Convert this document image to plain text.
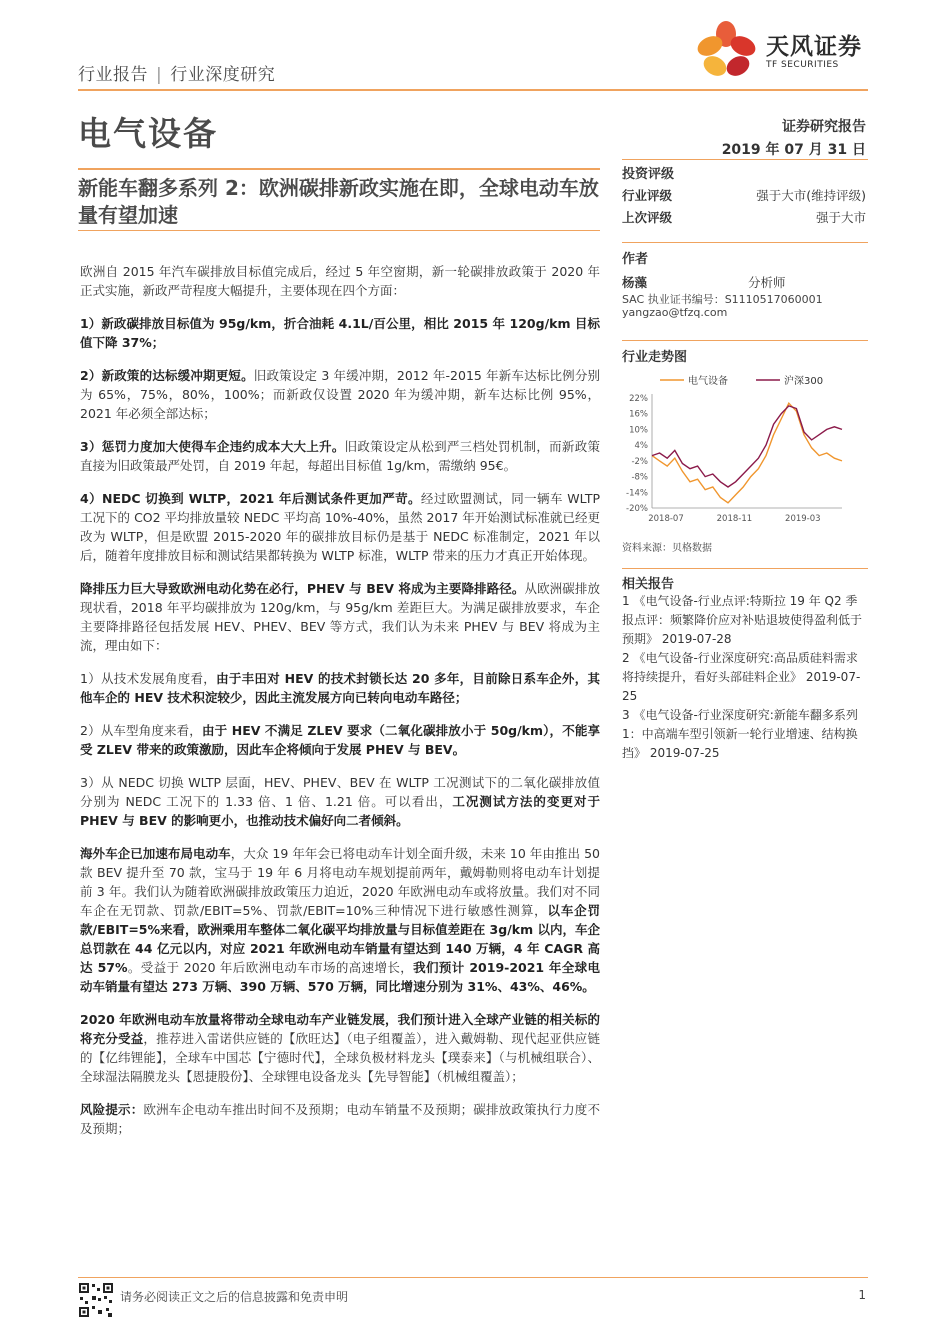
行业报告 | 行业深度研究
天风证券
TF SECURITIES
电气设备	证券研究报告
2019 年 07 月 31 日
新能车翻多系列 2：欧洲碳排新政实施在即，全球电动车放量有望加速
投资评级
行业评级	强于大市(维持评级)
上次评级	强于大市
作者
杨藻	分析师
SAC 执业证书编号：S1110517060001
yangzao@tfzq.com
行业走势图
电气设备	沪深300
22%
16%
10%
4%
-2%
-8%
-14%
-20%
2018-07	2018-11	2019-03
资料来源：贝格数据
相关报告

1 《电气设备-行业点评:特斯拉 19 年 Q2 季报点评：频繁降价应对补贴退坡使得盈利低于预期》 2019-07-28

2 《电气设备-行业深度研究:高品质硅料需求将持续提升，看好头部硅料企业》 2019-07-25

3 《电气设备-行业深度研究:新能车翻多系列 1：中高端车型引领新一轮行业增速、结构换挡》 2019-07-25

欧洲自 2015 年汽车碳排放目标值完成后，经过 5 年空窗期，新一轮碳排放政策于 2020 年正式实施，新政严苛程度大幅提升，主要体现在四个方面：

1）新政碳排放目标值为 95g/km，折合油耗 4.1L/百公里，相比 2015 年 120g/km 目标值下降 37%；

2）新政策的达标缓冲期更短。旧政策设定 3 年缓冲期，2012 年-2015 年新车达标比例分别为 65%，75%，80%，100%；而新政仅设置 2020 年为缓冲期，新车达标比例 95%，2021 年必须全部达标；

3）惩罚力度加大使得车企违约成本大大上升。旧政策设定从松到严三档处罚机制，而新政策直接为旧政策最严处罚，自 2019 年起，每超出目标值 1g/km，需缴纳 95€。

4）NEDC 切换到 WLTP，2021 年后测试条件更加严苛。经过欧盟测试，同一辆车 WLTP 工况下的 CO2 平均排放量较 NEDC 平均高 10%-40%，虽然 2017 年开始测试标准就已经更改为 WLTP，但是欧盟 2015-2020 年的碳排放目标仍是基于 NEDC 标准制定，2021 年以后，随着年度排放目标和测试结果都转换为 WLTP 标准，WLTP 带来的压力才真正开始体现。

降排压力巨大导致欧洲电动化势在必行，PHEV 与 BEV 将成为主要降排路径。从欧洲碳排放现状看，2018 年平均碳排放为 120g/km，与 95g/km 差距巨大。为满足碳排放要求，车企主要降排路径包括发展 HEV、PHEV、BEV 等方式，我们认为未来 PHEV 与 BEV 将成为主流，理由如下：

1）从技术发展角度看，由于丰田对 HEV 的技术封锁长达 20 多年，目前除日系车企外，其他车企的 HEV 技术积淀较少，因此主流发展方向已转向电动车路径；

2）从车型角度来看，由于 HEV 不满足 ZLEV 要求（二氧化碳排放小于 50g/km），不能享受 ZLEV 带来的政策激励，因此车企将倾向于发展 PHEV 与 BEV。

3）从 NEDC 切换 WLTP 层面，HEV、PHEV、BEV 在 WLTP 工况测试下的二氧化碳排放值分别为 NEDC 工况下的 1.33 倍、1 倍、1.21 倍。可以看出，工况测试方法的变更对于 PHEV 与 BEV 的影响更小，也推动技术偏好向二者倾斜。

海外车企已加速布局电动车，大众 19 年年会已将电动车计划全面升级，未来 10 年由推出 50 款 BEV 提升至 70 款，宝马于 19 年 6 月将电动车规划提前两年，戴姆勒则将电动车计划提前 3 年。我们认为随着欧洲碳排放政策压力迫近，2020 年欧洲电动车或将放量。我们对不同车企在无罚款、罚款/EBIT=5%、罚款/EBIT=10%三种情况下进行敏感性测算，以车企罚款/EBIT=5%来看，欧洲乘用车整体二氧化碳平均排放量与目标值差距在 3g/km 以内，车企总罚款在 44 亿元以内，对应 2021 年欧洲电动车销量有望达到 140 万辆，4 年 CAGR 高达 57%。受益于 2020 年后欧洲电动车市场的高速增长，我们预计 2019-2021 年全球电动车销量有望达 273 万辆、390 万辆、570 万辆，同比增速分别为 31%、43%、46%。

2020 年欧洲电动车放量将带动全球电动车产业链发展，我们预计进入全球产业链的相关标的将充分受益，推荐进入雷诺供应链的【欣旺达】（电子组覆盖），进入戴姆勒、现代起亚供应链的【亿纬锂能】，全球车中国芯【宁德时代】，全球负极材料龙头【璞泰来】（与机械组联合）、全球湿法隔膜龙头【恩捷股份】、全球锂电设备龙头【先导智能】（机械组覆盖）；

风险提示：欧洲车企电动车推出时间不及预期；电动车销量不及预期；碳排放政策执行力度不及预期；

请务必阅读正文之后的信息披露和免责申明	1
